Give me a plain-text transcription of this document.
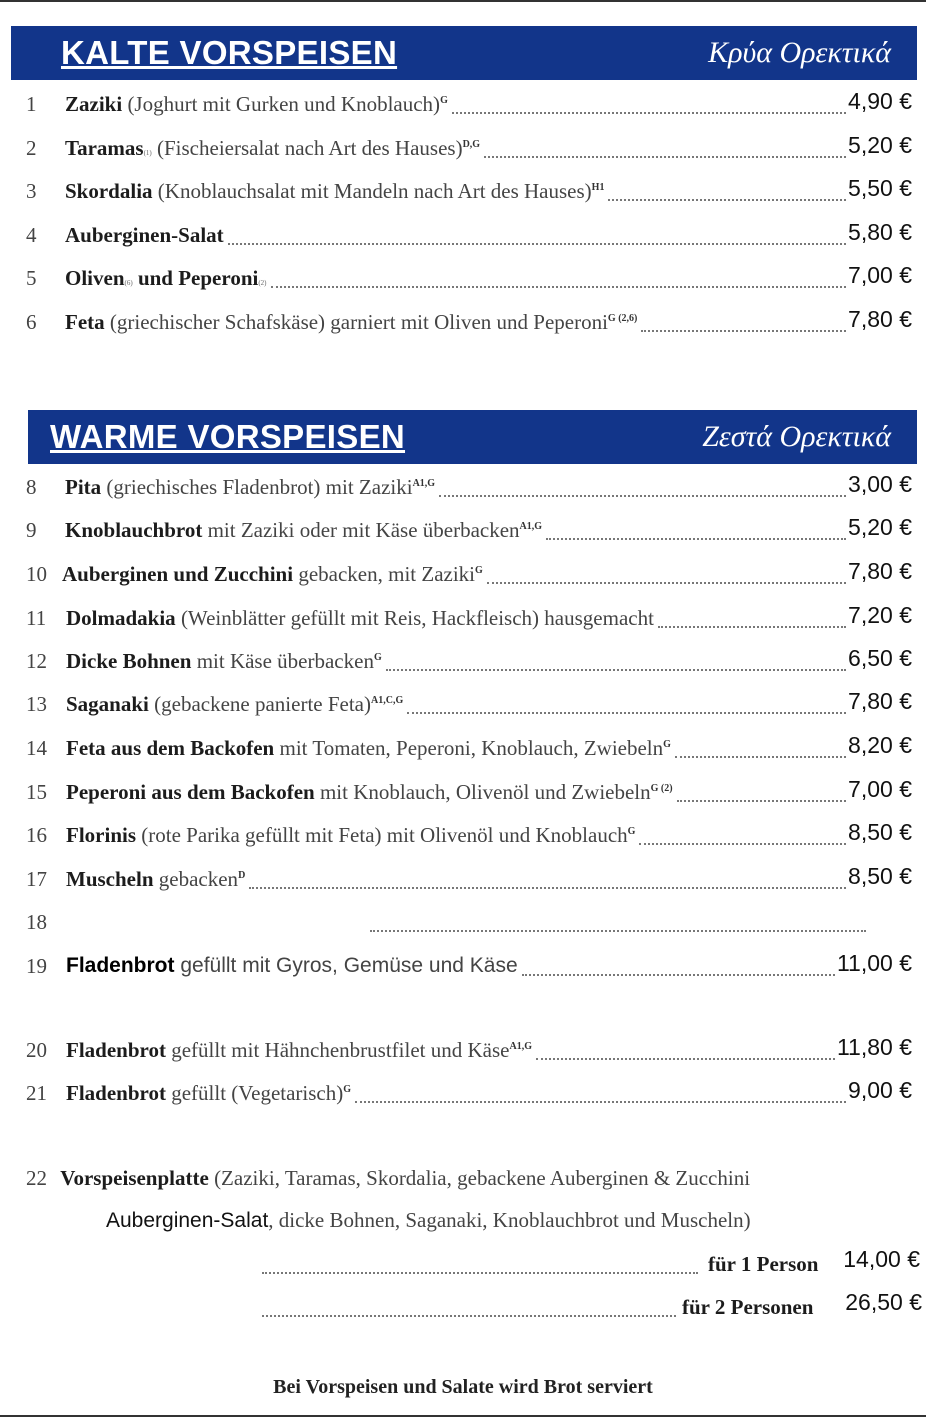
KALTE VORSPEISEN	Κρύα Ορεκτικά
1 Zaziki (Joghurt mit Gurken und Knoblauch)$^G$	4,90 €
2 Taramas(1) (Fischeiersalat nach Art des Hauses)$^{D,G}$	5,20 €
3 Skordalia (Knoblauchsalat mit Mandeln nach Art des Hauses)$^{H1}$	5,50 €
4 Auberginen-Salat	5,80 €
5 Oliven(6) und Peperoni(2)	7,00 €
6 Feta (griechischer Schafskäse) garniert mit Oliven und Peperoni$^{G (2,6)}$	7,80 €
WARME VORSPEISEN	Ζεστά Ορεκτικά
8 Pita (griechisches Fladenbrot) mit Zaziki$^{A1,G}$	3,00 €
9 Knoblauchbrot mit Zaziki oder mit Käse überbacken$^{A1,G}$	5,20 €
10 Auberginen und Zucchini gebacken, mit Zaziki$^G$	7,80 €
11 Dolmadakia (Weinblätter gefüllt mit Reis, Hackfleisch) hausgemacht	7,20 €
12 Dicke Bohnen mit Käse überbacken$^G$	6,50 €
13 Saganaki (gebackene panierte Feta)$^{A1,C,G}$	7,80 €
14 Feta aus dem Backofen mit Tomaten, Peperoni, Knoblauch, Zwiebeln$^G$	8,20 €
15 Peperoni aus dem Backofen mit Knoblauch, Olivenöl und Zwiebeln$^{G (2)}$	7,00 €
16 Florinis (rote Parika gefüllt mit Feta) mit Olivenöl und Knoblauch$^G$	8,50 €
17 Muscheln gebacken$^D$	8,50 €
18
19 Fladenbrot gefüllt mit Gyros, Gemüse und Käse	11,00 €
20 Fladenbrot gefüllt mit Hähnchenbrustfilet und Käse$^{A1,G}$	11,80 €
21 Fladenbrot gefüllt (Vegetarisch)$^G$	9,00 €
22 Vorspeisenplatte (Zaziki, Taramas, Skordalia, gebackene Auberginen & Zucchini
Auberginen-Salat, dicke Bohnen, Saganaki, Knoblauchbrot und Muscheln)
für 1 Person 14,00 €
für 2 Personen 26,50 €
Bei Vorspeisen und Salate wird Brot serviert
